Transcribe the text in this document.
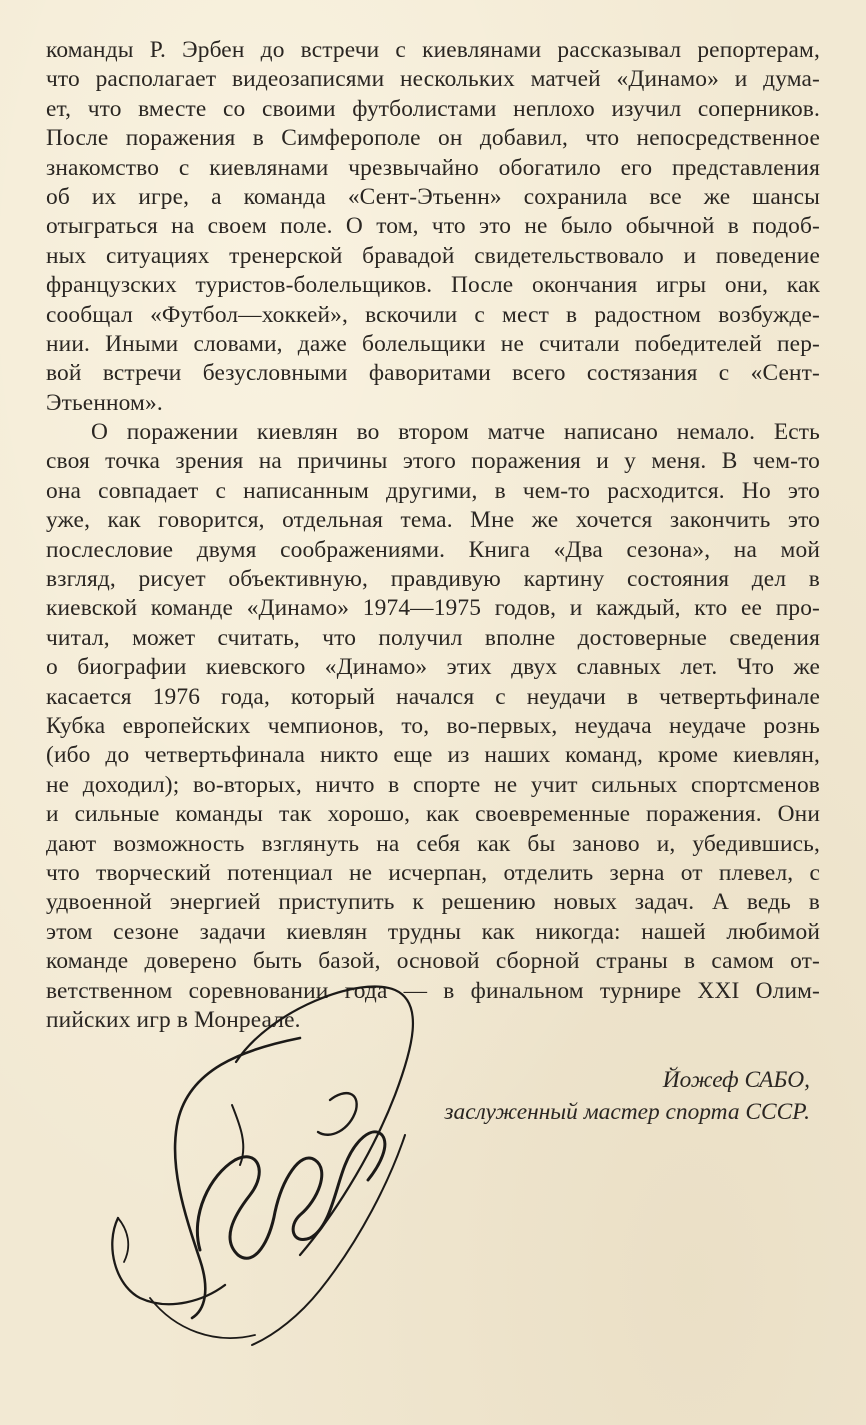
команды Р. Эрбен до встречи с киевлянами рассказывал репортерам,
что располагает видеозаписями нескольких матчей «Динамо» и дума-
ет, что вместе со своими футболистами неплохо изучил соперников.
После поражения в Симферополе он добавил, что непосредственное
знакомство с киевлянами чрезвычайно обогатило его представления
об их игре, а команда «Сент-Этьенн» сохранила все же шансы
отыграться на своем поле. О том, что это не было обычной в подоб-
ных ситуациях тренерской бравадой свидетельствовало и поведение
французских туристов-болельщиков. После окончания игры они, как
сообщал «Футбол—хоккей», вскочили с мест в радостном возбужде-
нии. Иными словами, даже болельщики не считали победителей пер-
вой встречи безусловными фаворитами всего состязания с «Сент-
Этьенном».
О поражении киевлян во втором матче написано немало. Есть
своя точка зрения на причины этого поражения и у меня. В чем-то
она совпадает с написанным другими, в чем-то расходится. Но это
уже, как говорится, отдельная тема. Мне же хочется закончить это
послесловие двумя соображениями. Книга «Два сезона», на мой
взгляд, рисует объективную, правдивую картину состояния дел в
киевской команде «Динамо» 1974—1975 годов, и каждый, кто ее про-
читал, может считать, что получил вполне достоверные сведения
о биографии киевского «Динамо» этих двух славных лет. Что же
касается 1976 года, который начался с неудачи в четвертьфинале
Кубка европейских чемпионов, то, во-первых, неудача неудаче рознь
(ибо до четвертьфинала никто еще из наших команд, кроме киевлян,
не доходил); во-вторых, ничто в спорте не учит сильных спортсменов
и сильные команды так хорошо, как своевременные поражения. Они
дают возможность взглянуть на себя как бы заново и, убедившись,
что творческий потенциал не исчерпан, отделить зерна от плевел, с
удвоенной энергией приступить к решению новых задач. А ведь в
этом сезоне задачи киевлян трудны как никогда: нашей любимой
команде доверено быть базой, основой сборной страны в самом от-
ветственном соревновании года — в финальном турнире XXI Олим-
пийских игр в Монреале.
Йожеф САБО,
заслуженный мастер спорта СССР.
